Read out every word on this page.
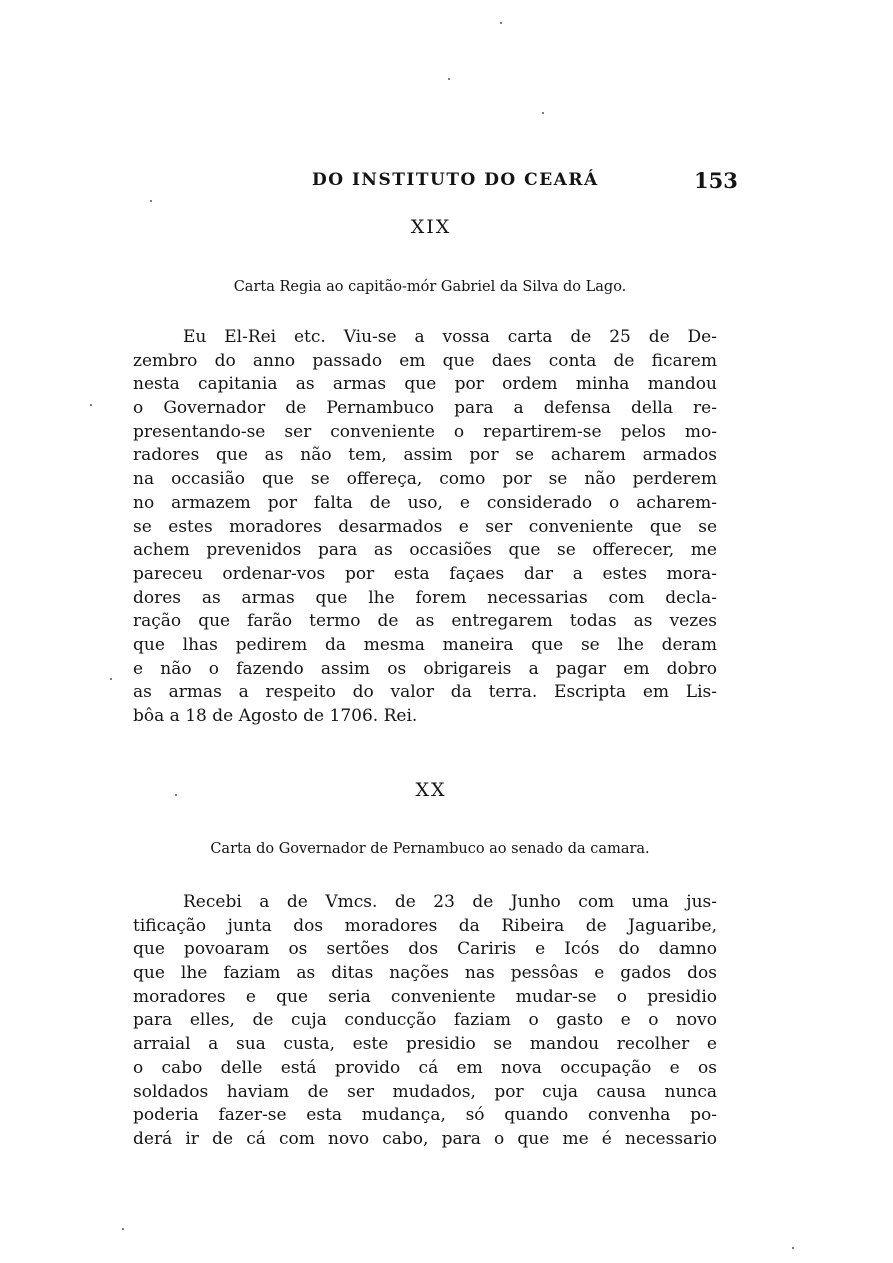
DO INSTITUTO DO CEARÁ	153
XIX
Carta Regia ao capitão-mór Gabriel da Silva do Lago.
Eu El-Rei etc. Viu-se a vossa carta de 25 de De-
zembro do anno passado em que daes conta de ficarem
nesta capitania as armas que por ordem minha mandou
o Governador de Pernambuco para a defensa della re-
presentando-se ser conveniente o repartirem-se pelos mo-
radores que as não tem, assim por se acharem armados
na occasião que se offereça, como por se não perderem
no armazem por falta de uso, e considerado o acharem-
se estes moradores desarmados e ser conveniente que se
achem prevenidos para as occasiões que se offerecer, me
pareceu ordenar-vos por esta façaes dar a estes mora-
dores as armas que lhe forem necessarias com decla-
ração que farão termo de as entregarem todas as vezes
que lhas pedirem da mesma maneira que se lhe deram
e não o fazendo assim os obrigareis a pagar em dobro
as armas a respeito do valor da terra. Escripta em Lis-
bôa a 18 de Agosto de 1706. Rei.
XX
Carta do Governador de Pernambuco ao senado da camara.
Recebi a de Vmcs. de 23 de Junho com uma jus-
tificação junta dos moradores da Ribeira de Jaguaribe,
que povoaram os sertões dos Cariris e Icós do damno
que lhe faziam as ditas nações nas pessôas e gados dos
moradores e que seria conveniente mudar-se o presidio
para elles, de cuja conducção faziam o gasto e o novo
arraial a sua custa, este presidio se mandou recolher e
o cabo delle está provido cá em nova occupação e os
soldados haviam de ser mudados, por cuja causa nunca
poderia fazer-se esta mudança, só quando convenha po-
derá ir de cá com novo cabo, para o que me é necessario
